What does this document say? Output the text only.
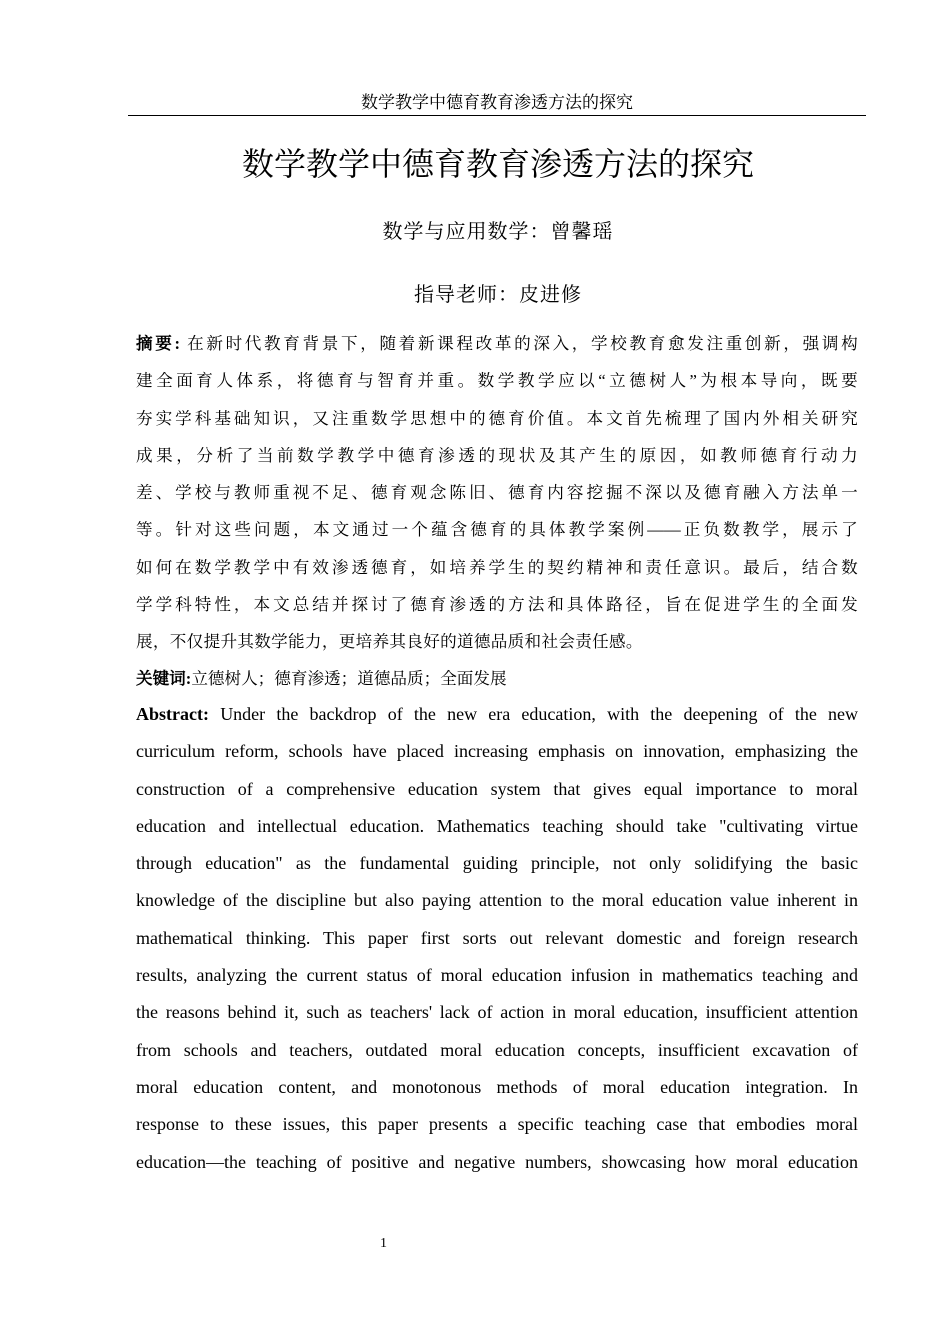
数学教学中德育教育渗透方法的探究
数学教学中德育教育渗透方法的探究
数学与应用数学：曾馨瑶
指导老师：皮进修
摘要: 在新时代教育背景下，随着新课程改革的深入，学校教育愈发注重创新，强调构
建全面育人体系，将德育与智育并重。数学教学应以“立德树人”为根本导向，既要
夯实学科基础知识，又注重数学思想中的德育价值。本文首先梳理了国内外相关研究
成果，分析了当前数学教学中德育渗透的现状及其产生的原因，如教师德育行动力
差、学校与教师重视不足、德育观念陈旧、德育内容挖掘不深以及德育融入方法单一
等。针对这些问题，本文通过一个蕴含德育的具体教学案例——正负数教学，展示了
如何在数学教学中有效渗透德育，如培养学生的契约精神和责任意识。最后，结合数
学学科特性，本文总结并探讨了德育渗透的方法和具体路径，旨在促进学生的全面发
展，不仅提升其数学能力，更培养其良好的道德品质和社会责任感。
关键词:立德树人；德育渗透；道德品质；全面发展
Abstract: Under the backdrop of the new era education, with the deepening of the new
curriculum reform, schools have placed increasing emphasis on innovation, emphasizing the
construction of a comprehensive education system that gives equal importance to moral
education and intellectual education. Mathematics teaching should take "cultivating virtue
through education" as the fundamental guiding principle, not only solidifying the basic
knowledge of the discipline but also paying attention to the moral education value inherent in
mathematical thinking. This paper first sorts out relevant domestic and foreign research
results, analyzing the current status of moral education infusion in mathematics teaching and
the reasons behind it, such as teachers' lack of action in moral education, insufficient attention
from schools and teachers, outdated moral education concepts, insufficient excavation of
moral education content, and monotonous methods of moral education integration. In
response to these issues, this paper presents a specific teaching case that embodies moral
education—the teaching of positive and negative numbers, showcasing how moral education
1
